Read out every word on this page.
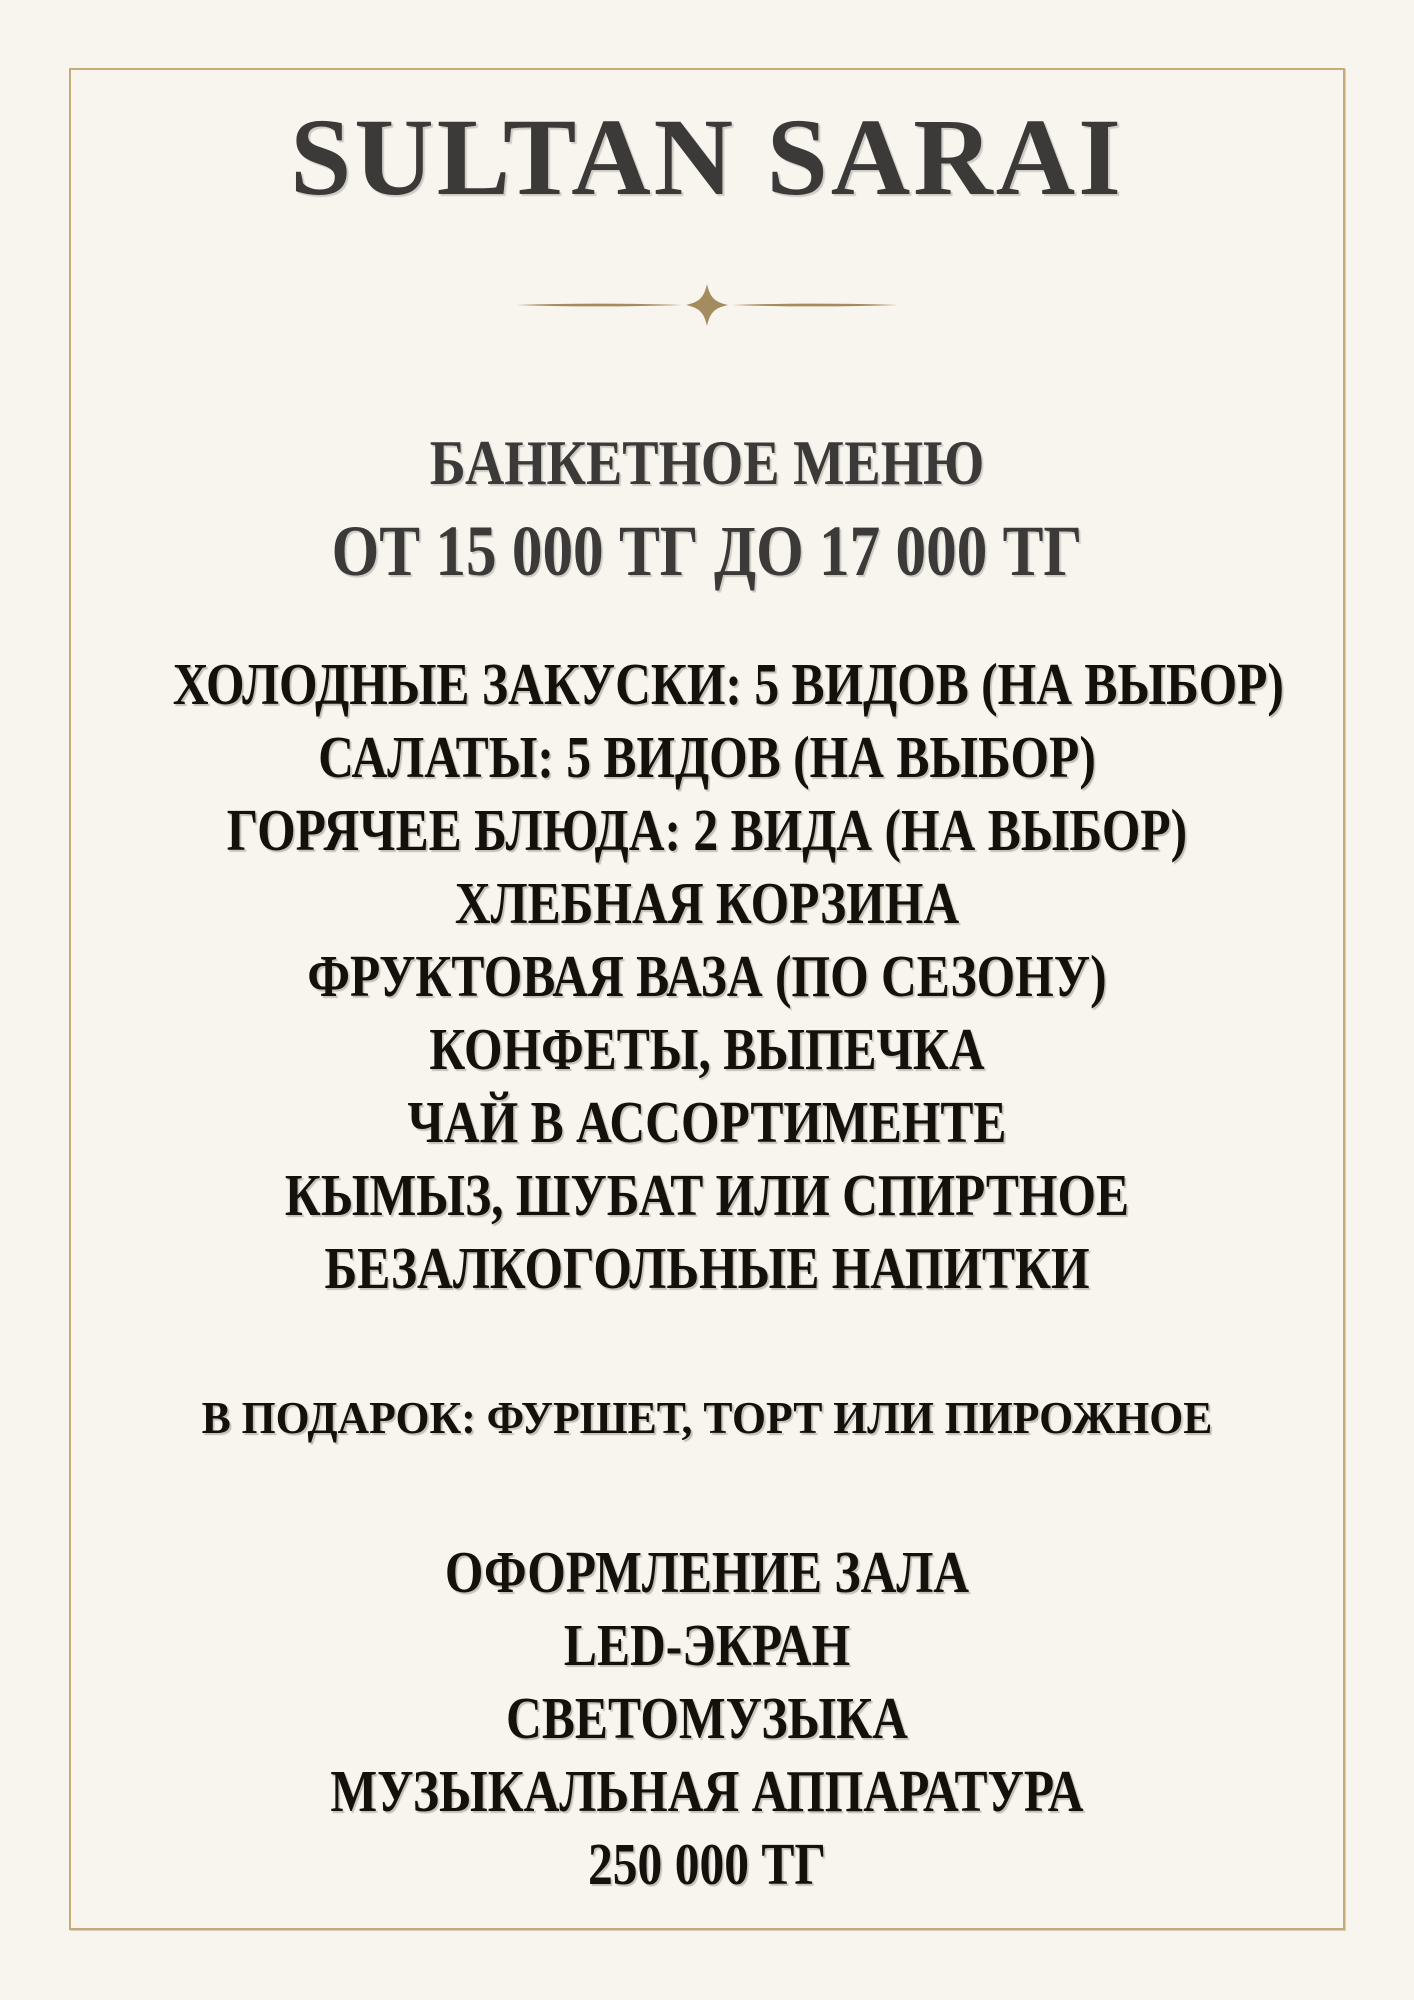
SULTAN SARAI
БАНКЕТНОЕ МЕНЮ
ОТ 15 000 ТГ ДО 17 000 ТГ
ХОЛОДНЫЕ ЗАКУСКИ: 5 ВИДОВ (НА ВЫБОР)
САЛАТЫ: 5 ВИДОВ (НА ВЫБОР)
ГОРЯЧЕЕ БЛЮДА: 2 ВИДА (НА ВЫБОР)
ХЛЕБНАЯ КОРЗИНА
ФРУКТОВАЯ ВАЗА (ПО СЕЗОНУ)
КОНФЕТЫ, ВЫПЕЧКА
ЧАЙ В АССОРТИМЕНТЕ
КЫМЫЗ, ШУБАТ ИЛИ СПИРТНОЕ
БЕЗАЛКОГОЛЬНЫЕ НАПИТКИ
В ПОДАРОК: ФУРШЕТ, ТОРТ ИЛИ ПИРОЖНОЕ
ОФОРМЛЕНИЕ ЗАЛА
LED-ЭКРАН
СВЕТОМУЗЫКА
МУЗЫКАЛЬНАЯ АППАРАТУРА
250 000 ТГ
